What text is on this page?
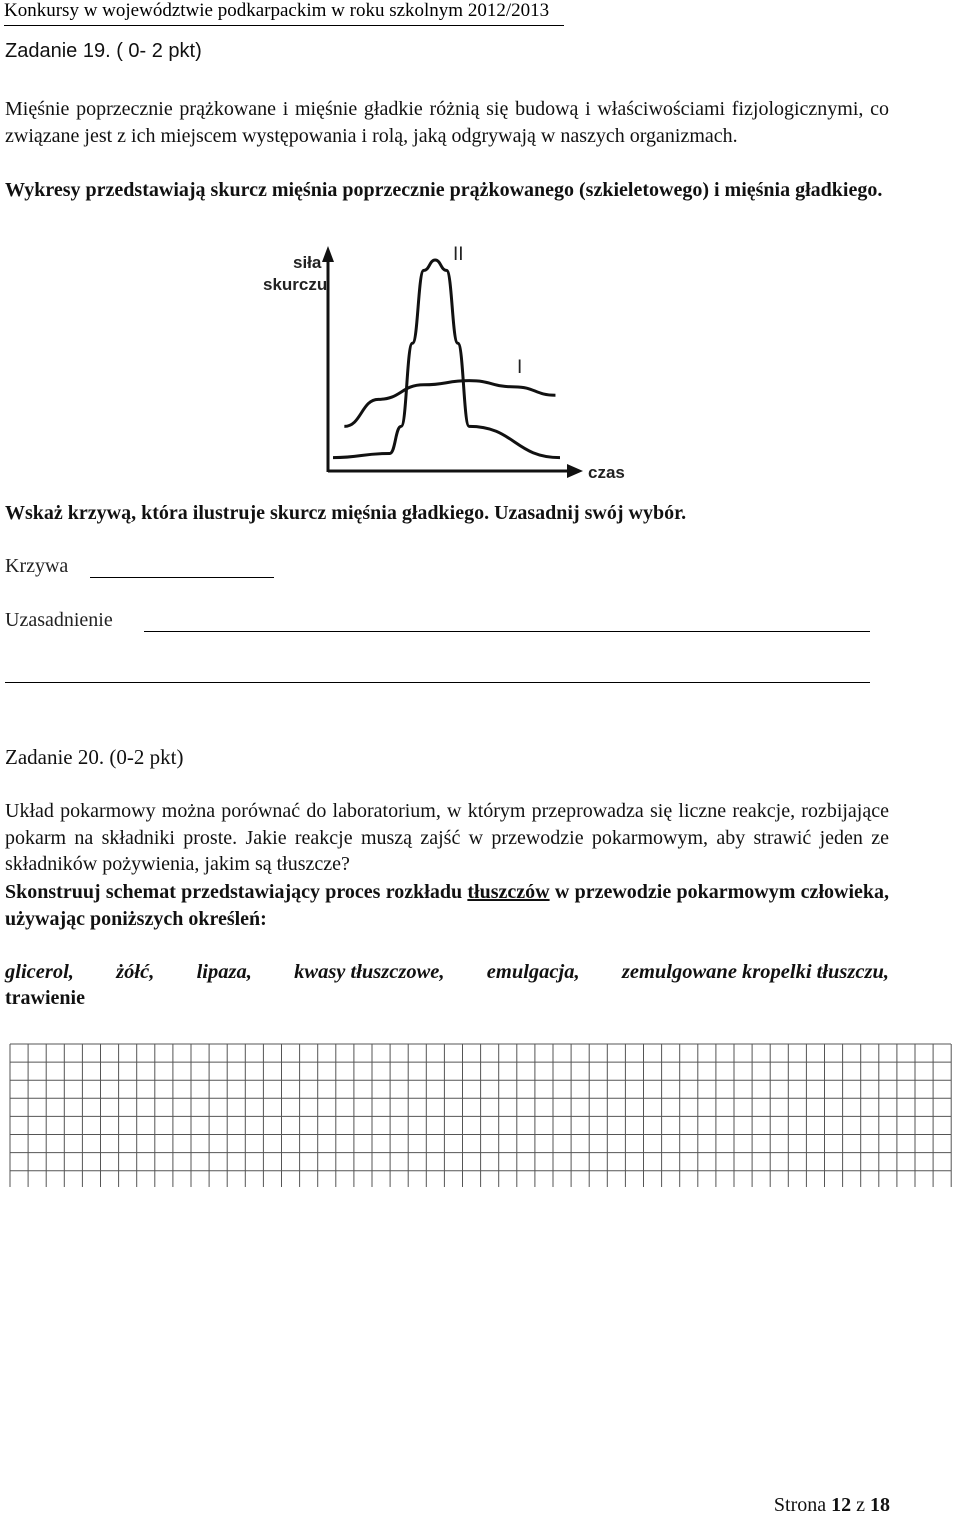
Konkursy w województwie podkarpackim w roku szkolnym 2012/2013
Zadanie 19. ( 0- 2 pkt)
Mięśnie poprzecznie prążkowane i mięśnie gładkie różnią się budową i właściwościami fizjologicznymi, co związane jest z ich miejscem występowania i rolą, jaką odgrywają w naszych organizmach.
Wykresy przedstawiają skurcz mięśnia poprzecznie prążkowanego (szkieletowego) i mięśnia gładkiego.
siła
skurczu
czas
II
I
Wskaż krzywą, która ilustruje skurcz mięśnia gładkiego. Uzasadnij swój wybór.
Krzywa
Uzasadnienie
Zadanie 20. (0-2 pkt)
Układ pokarmowy można porównać do laboratorium, w którym przeprowadza się liczne reakcje, rozbijające pokarm na składniki proste. Jakie reakcje muszą zajść w przewodzie pokarmowym, aby strawić jeden ze składników pożywienia, jakim są tłuszcze?
Skonstruuj schemat przedstawiający proces rozkładu tłuszczów w przewodzie pokarmowym człowieka, używając poniższych określeń:
glicerol, żółć, lipaza, kwasy tłuszczowe, emulgacja, zemulgowane kropelki tłuszczu,
trawienie
Strona 12 z 18
